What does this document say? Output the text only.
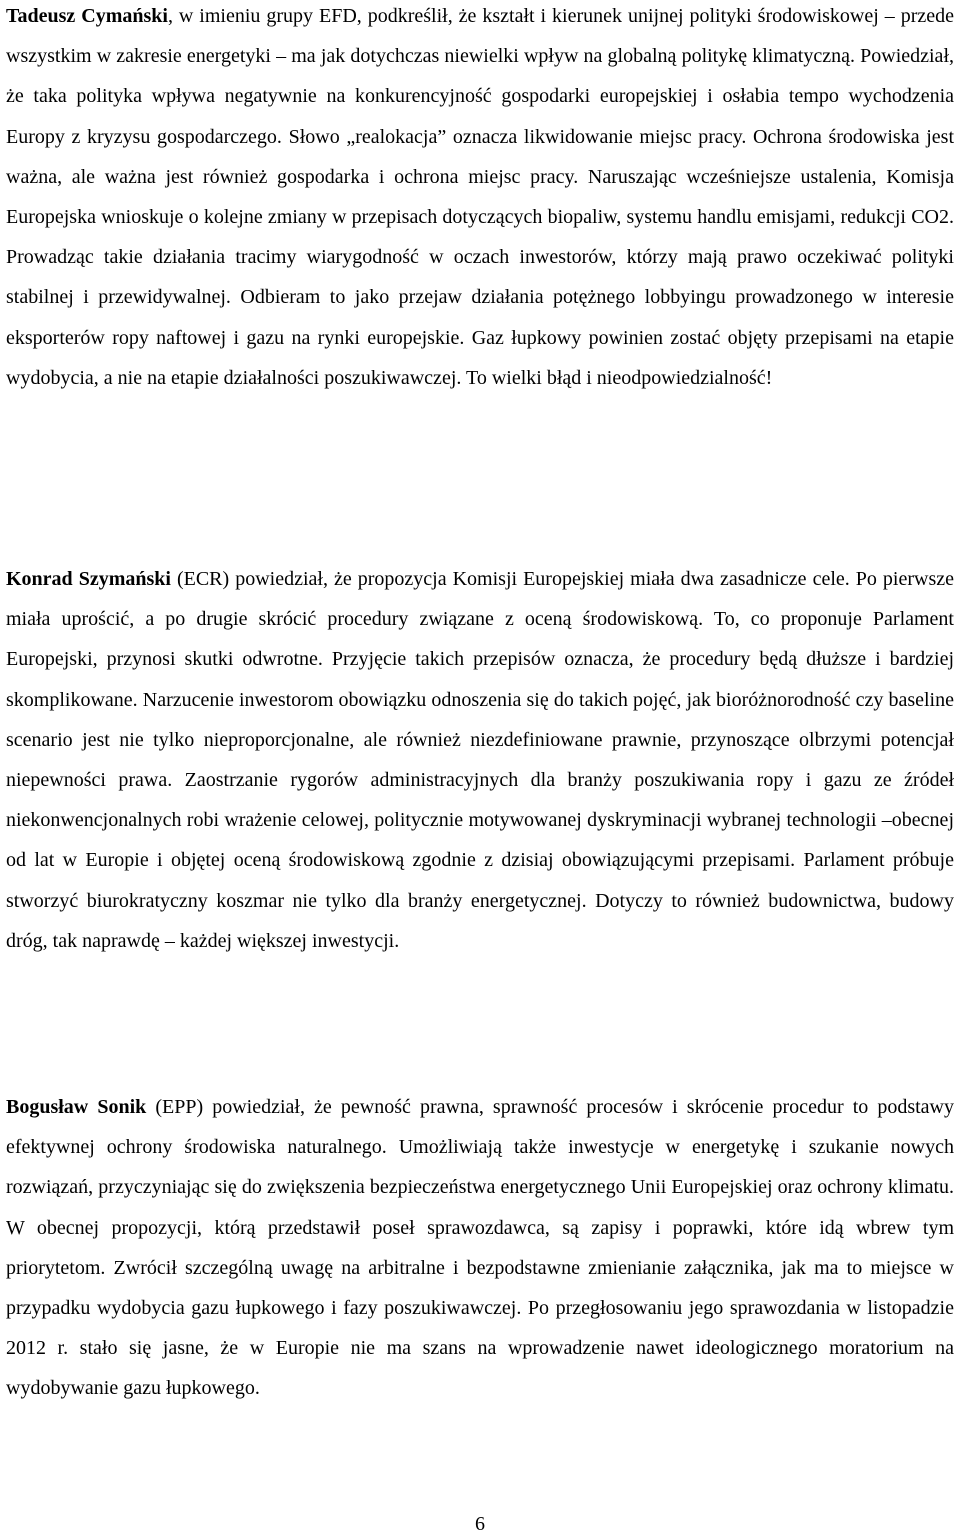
Tadeusz Cymański, w imieniu grupy EFD, podkreślił, że kształt i kierunek unijnej polityki środowiskowej – przede wszystkim w zakresie energetyki – ma jak dotychczas niewielki wpływ na globalną politykę klimatyczną. Powiedział, że taka polityka wpływa negatywnie na konkurencyjność gospodarki europejskiej i osłabia tempo wychodzenia Europy z kryzysu gospodarczego. Słowo „realokacja” oznacza likwidowanie miejsc pracy. Ochrona środowiska jest ważna, ale ważna jest również gospodarka i ochrona miejsc pracy. Naruszając wcześniejsze ustalenia, Komisja Europejska wnioskuje o kolejne zmiany w przepisach dotyczących biopaliw, systemu handlu emisjami, redukcji CO2. Prowadząc takie działania tracimy wiarygodność w oczach inwestorów, którzy mają prawo oczekiwać polityki stabilnej i przewidywalnej. Odbieram to jako przejaw działania potężnego lobbyingu prowadzonego w interesie eksporterów ropy naftowej i gazu na rynki europejskie. Gaz łupkowy powinien zostać objęty przepisami na etapie wydobycia, a nie na etapie działalności poszukiwawczej. To wielki błąd i nieodpowiedzialność!

Konrad Szymański (ECR) powiedział, że propozycja Komisji Europejskiej miała dwa zasadnicze cele. Po pierwsze miała uprościć, a po drugie skrócić procedury związane z oceną środowiskową. To, co proponuje Parlament Europejski, przynosi skutki odwrotne. Przyjęcie takich przepisów oznacza, że procedury będą dłuższe i bardziej skomplikowane. Narzucenie inwestorom obowiązku odnoszenia się do takich pojęć, jak bioróżnorodność czy baseline scenario jest nie tylko nieproporcjonalne, ale również niezdefiniowane prawnie, przynoszące olbrzymi potencjał niepewności prawa. Zaostrzanie rygorów administracyjnych dla branży poszukiwania ropy i gazu ze źródeł niekonwencjonalnych robi wrażenie celowej, politycznie motywowanej dyskryminacji wybranej technologii –obecnej od lat w Europie i objętej oceną środowiskową zgodnie z dzisiaj obowiązującymi przepisami. Parlament próbuje stworzyć biurokratyczny koszmar nie tylko dla branży energetycznej. Dotyczy to również budownictwa, budowy dróg, tak naprawdę – każdej większej inwestycji.

Bogusław Sonik (EPP) powiedział, że pewność prawna, sprawność procesów i skrócenie procedur to podstawy efektywnej ochrony środowiska naturalnego. Umożliwiają także inwestycje w energetykę i szukanie nowych rozwiązań, przyczyniając się do zwiększenia bezpieczeństwa energetycznego Unii Europejskiej oraz ochrony klimatu. W obecnej propozycji, którą przedstawił poseł sprawozdawca, są zapisy i poprawki, które idą wbrew tym priorytetom. Zwrócił szczególną uwagę na arbitralne i bezpodstawne zmienianie załącznika, jak ma to miejsce w przypadku wydobycia gazu łupkowego i fazy poszukiwawczej. Po przegłosowaniu jego sprawozdania w listopadzie 2012 r. stało się jasne, że w Europie nie ma szans na wprowadzenie nawet ideologicznego moratorium na wydobywanie gazu łupkowego.

6
